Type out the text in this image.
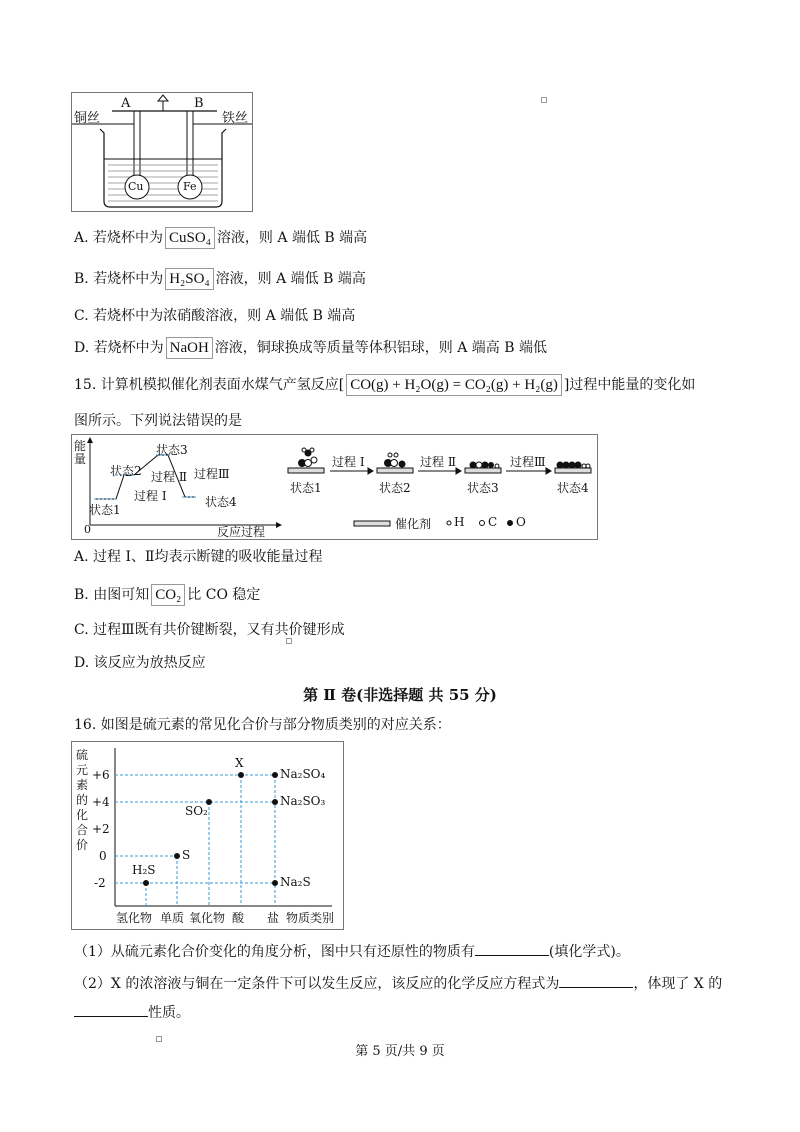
A	B
铜丝	铁丝
Cu	Fe
A. 若烧杯中为 CuSO₄ 溶液，则 A 端低 B 端高
B. 若烧杯中为 H₂SO₄ 溶液，则 A 端低 B 端高
C. 若烧杯中为浓硝酸溶液，则 A 端低 B 端高
D. 若烧杯中为 NaOH 溶液，铜球换成等质量等体积铝球，则 A 端高 B 端低
15. 计算机模拟催化剂表面水煤气产氢反应[ CO(g) + H₂O(g) = CO₂(g) + H₂(g) ]过程中能量的变化如
图所示。下列说法错误的是
能
量
0	反应过程
状态1
状态2
状态3
状态4
过程 Ⅰ
过程 Ⅱ 过程Ⅲ
状态1	状态2	状态3	状态4
过程 Ⅰ	过程 Ⅱ	过程Ⅲ
催化剂 H C O
A. 过程 Ⅰ、Ⅱ均表示断键的吸收能量过程
B. 由图可知 CO₂ 比 CO 稳定
C. 过程Ⅲ既有共价键断裂，又有共价键形成
D. 该反应为放热反应
第 Ⅱ 卷(非选择题 共 55 分)
16. 如图是硫元素的常见化合价与部分物质类别的对应关系：
硫
元
素
的
化
合
价
+6
+4
+2
0
-2
氢化物 单质 氧化物 酸 盐 物质类别
X
Na₂SO₄
SO₂
Na₂SO₃
S
H₂S
Na₂S
（1）从硫元素化合价变化的角度分析，图中只有还原性的物质有	(填化学式)。
（2）X 的浓溶液与铜在一定条件下可以发生反应，该反应的化学反应方程式为	，体现了 X 的
性质。
第 5 页/共 9 页
